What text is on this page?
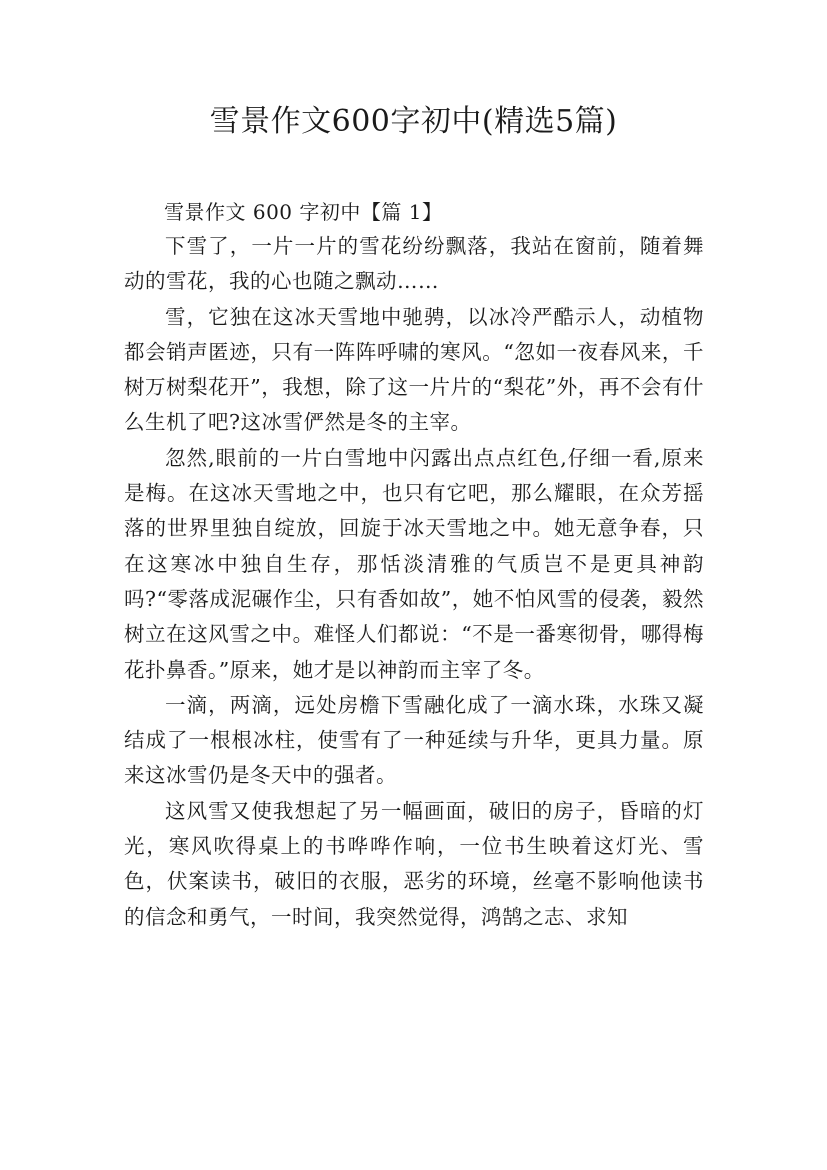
雪景作文600字初中(精选5篇)

雪景作文 600 字初中【篇 1】

下雪了，一片一片的雪花纷纷飘落，我站在窗前，随着舞动的雪花，我的心也随之飘动……

雪，它独在这冰天雪地中驰骋，以冰冷严酷示人，动植物都会销声匿迹，只有一阵阵呼啸的寒风。“忽如一夜春风来，千树万树梨花开”，我想，除了这一片片的“梨花”外，再不会有什么生机了吧?这冰雪俨然是冬的主宰。

忽然,眼前的一片白雪地中闪露出点点红色,仔细一看,原来是梅。在这冰天雪地之中，也只有它吧，那么耀眼，在众芳摇落的世界里独自绽放，回旋于冰天雪地之中。她无意争春，只在这寒冰中独自生存，那恬淡清雅的气质岂不是更具神韵吗?“零落成泥碾作尘，只有香如故”，她不怕风雪的侵袭，毅然树立在这风雪之中。难怪人们都说：“不是一番寒彻骨，哪得梅花扑鼻香。”原来，她才是以神韵而主宰了冬。

一滴，两滴，远处房檐下雪融化成了一滴水珠，水珠又凝结成了一根根冰柱，使雪有了一种延续与升华，更具力量。原来这冰雪仍是冬天中的强者。

这风雪又使我想起了另一幅画面，破旧的房子，昏暗的灯光，寒风吹得桌上的书哗哗作响，一位书生映着这灯光、雪色，伏案读书，破旧的衣服，恶劣的环境，丝毫不影响他读书的信念和勇气，一时间，我突然觉得，鸿鹄之志、求知
